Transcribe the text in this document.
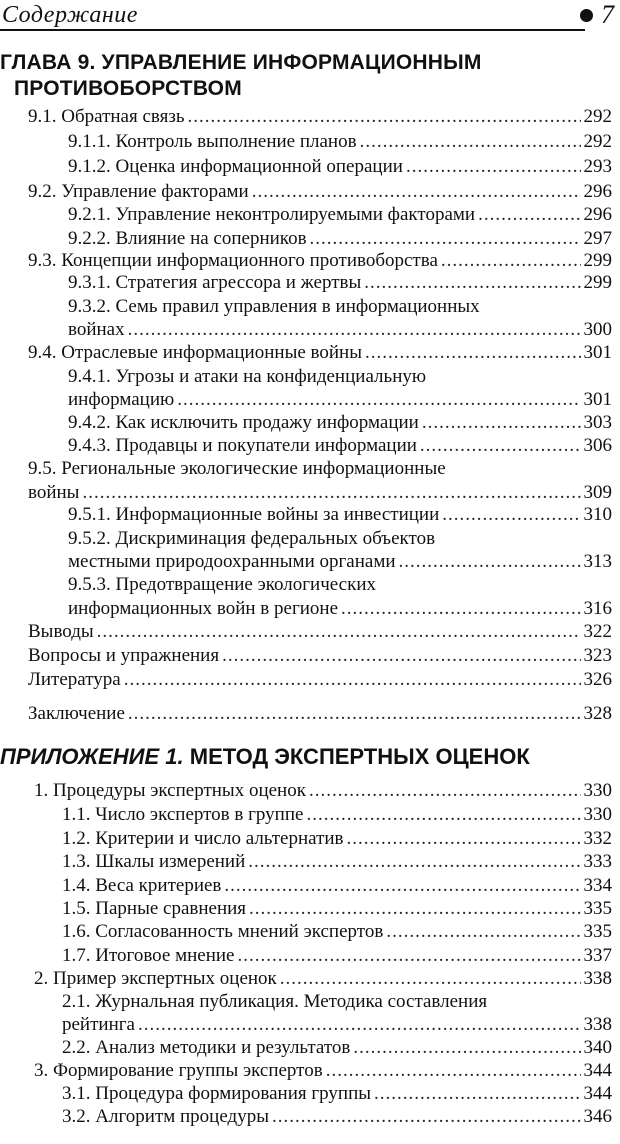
Содержание	7
ГЛАВА 9. УПРАВЛЕНИЕ ИНФОРМАЦИОННЫМ
ПРОТИВОБОРСТВОМ
9.1. Обратная связь .....	292
9.1.1. Контроль выполнение планов .....	292
9.1.2. Оценка информационной операции .....	293
9.2. Управление факторами .....	296
9.2.1. Управление неконтролируемыми факторами .....	296
9.2.2. Влияние на соперников .....	297
9.3. Концепции информационного противоборства .....	299
9.3.1. Стратегия агрессора и жертвы .....	299
9.3.2. Семь правил управления в информационных
войнах .....	300
9.4. Отраслевые информационные войны .....	301
9.4.1. Угрозы и атаки на конфиденциальную
информацию .....	301
9.4.2. Как исключить продажу информации .....	303
9.4.3. Продавцы и покупатели информации .....	306
9.5. Региональные экологические информационные
войны .....	309
9.5.1. Информационные войны за инвестиции .....	310
9.5.2. Дискриминация федеральных объектов
местными природоохранными органами .....	313
9.5.3. Предотвращение экологических
информационных войн в регионе .....	316
Выводы .....	322
Вопросы и упражнения .....	323
Литература .....	326
Заключение .....	328
ПРИЛОЖЕНИЕ 1. МЕТОД ЭКСПЕРТНЫХ ОЦЕНОК
1. Процедуры экспертных оценок .....	330
1.1. Число экспертов в группе .....	330
1.2. Критерии и число альтернатив .....	332
1.3. Шкалы измерений .....	333
1.4. Веса критериев .....	334
1.5. Парные сравнения .....	335
1.6. Согласованность мнений экспертов .....	335
1.7. Итоговое мнение .....	337
2. Пример экспертных оценок .....	338
2.1. Журнальная публикация. Методика составления
рейтинга .....	338
2.2. Анализ методики и результатов .....	340
3. Формирование группы экспертов .....	344
3.1. Процедура формирования группы .....	344
3.2. Алгоритм процедуры .....	346
